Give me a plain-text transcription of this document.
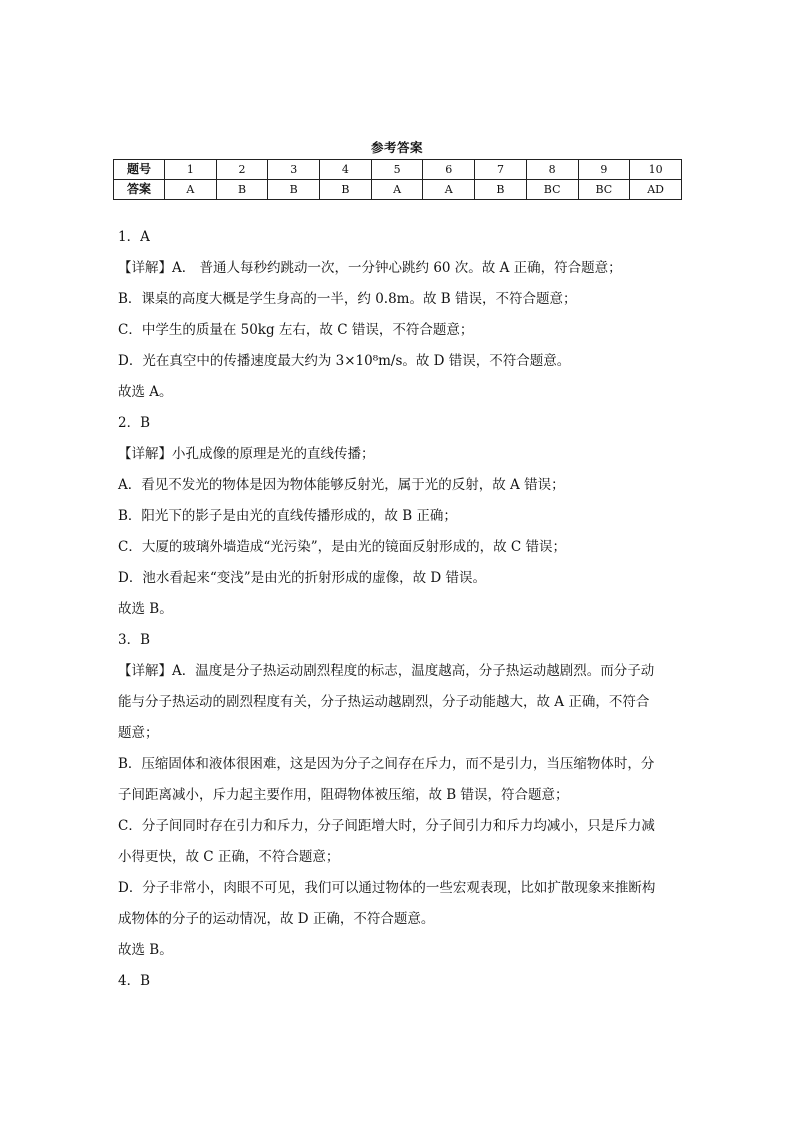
参考答案
题号	1	2	3	4	5	6	7	8	9	10
答案	A	B	B	B	A	A	B	BC	BC	AD

1．A

【详解】A． 普通人每秒约跳动一次，一分钟心跳约 60 次。故 A 正确，符合题意；

B．课桌的高度大概是学生身高的一半，约 0.8m。故 B 错误，不符合题意；

C．中学生的质量在 50kg 左右，故 C 错误，不符合题意；

D．光在真空中的传播速度最大约为 3×10⁸m/s。故 D 错误，不符合题意。

故选 A。

2．B

【详解】小孔成像的原理是光的直线传播；

A．看见不发光的物体是因为物体能够反射光，属于光的反射，故 A 错误；

B．阳光下的影子是由光的直线传播形成的，故 B 正确；

C．大厦的玻璃外墙造成“光污染”，是由光的镜面反射形成的，故 C 错误；

D．池水看起来“变浅”是由光的折射形成的虚像，故 D 错误。

故选 B。

3．B

【详解】A．温度是分子热运动剧烈程度的标志，温度越高，分子热运动越剧烈。而分子动

能与分子热运动的剧烈程度有关，分子热运动越剧烈，分子动能越大，故 A 正确，不符合

题意；

B．压缩固体和液体很困难，这是因为分子之间存在斥力，而不是引力，当压缩物体时，分

子间距离减小，斥力起主要作用，阻碍物体被压缩，故 B 错误，符合题意；

C．分子间同时存在引力和斥力，分子间距增大时，分子间引力和斥力均减小，只是斥力减

小得更快，故 C 正确，不符合题意；

D．分子非常小，肉眼不可见，我们可以通过物体的一些宏观表现，比如扩散现象来推断构

成物体的分子的运动情况，故 D 正确，不符合题意。

故选 B。

4．B
